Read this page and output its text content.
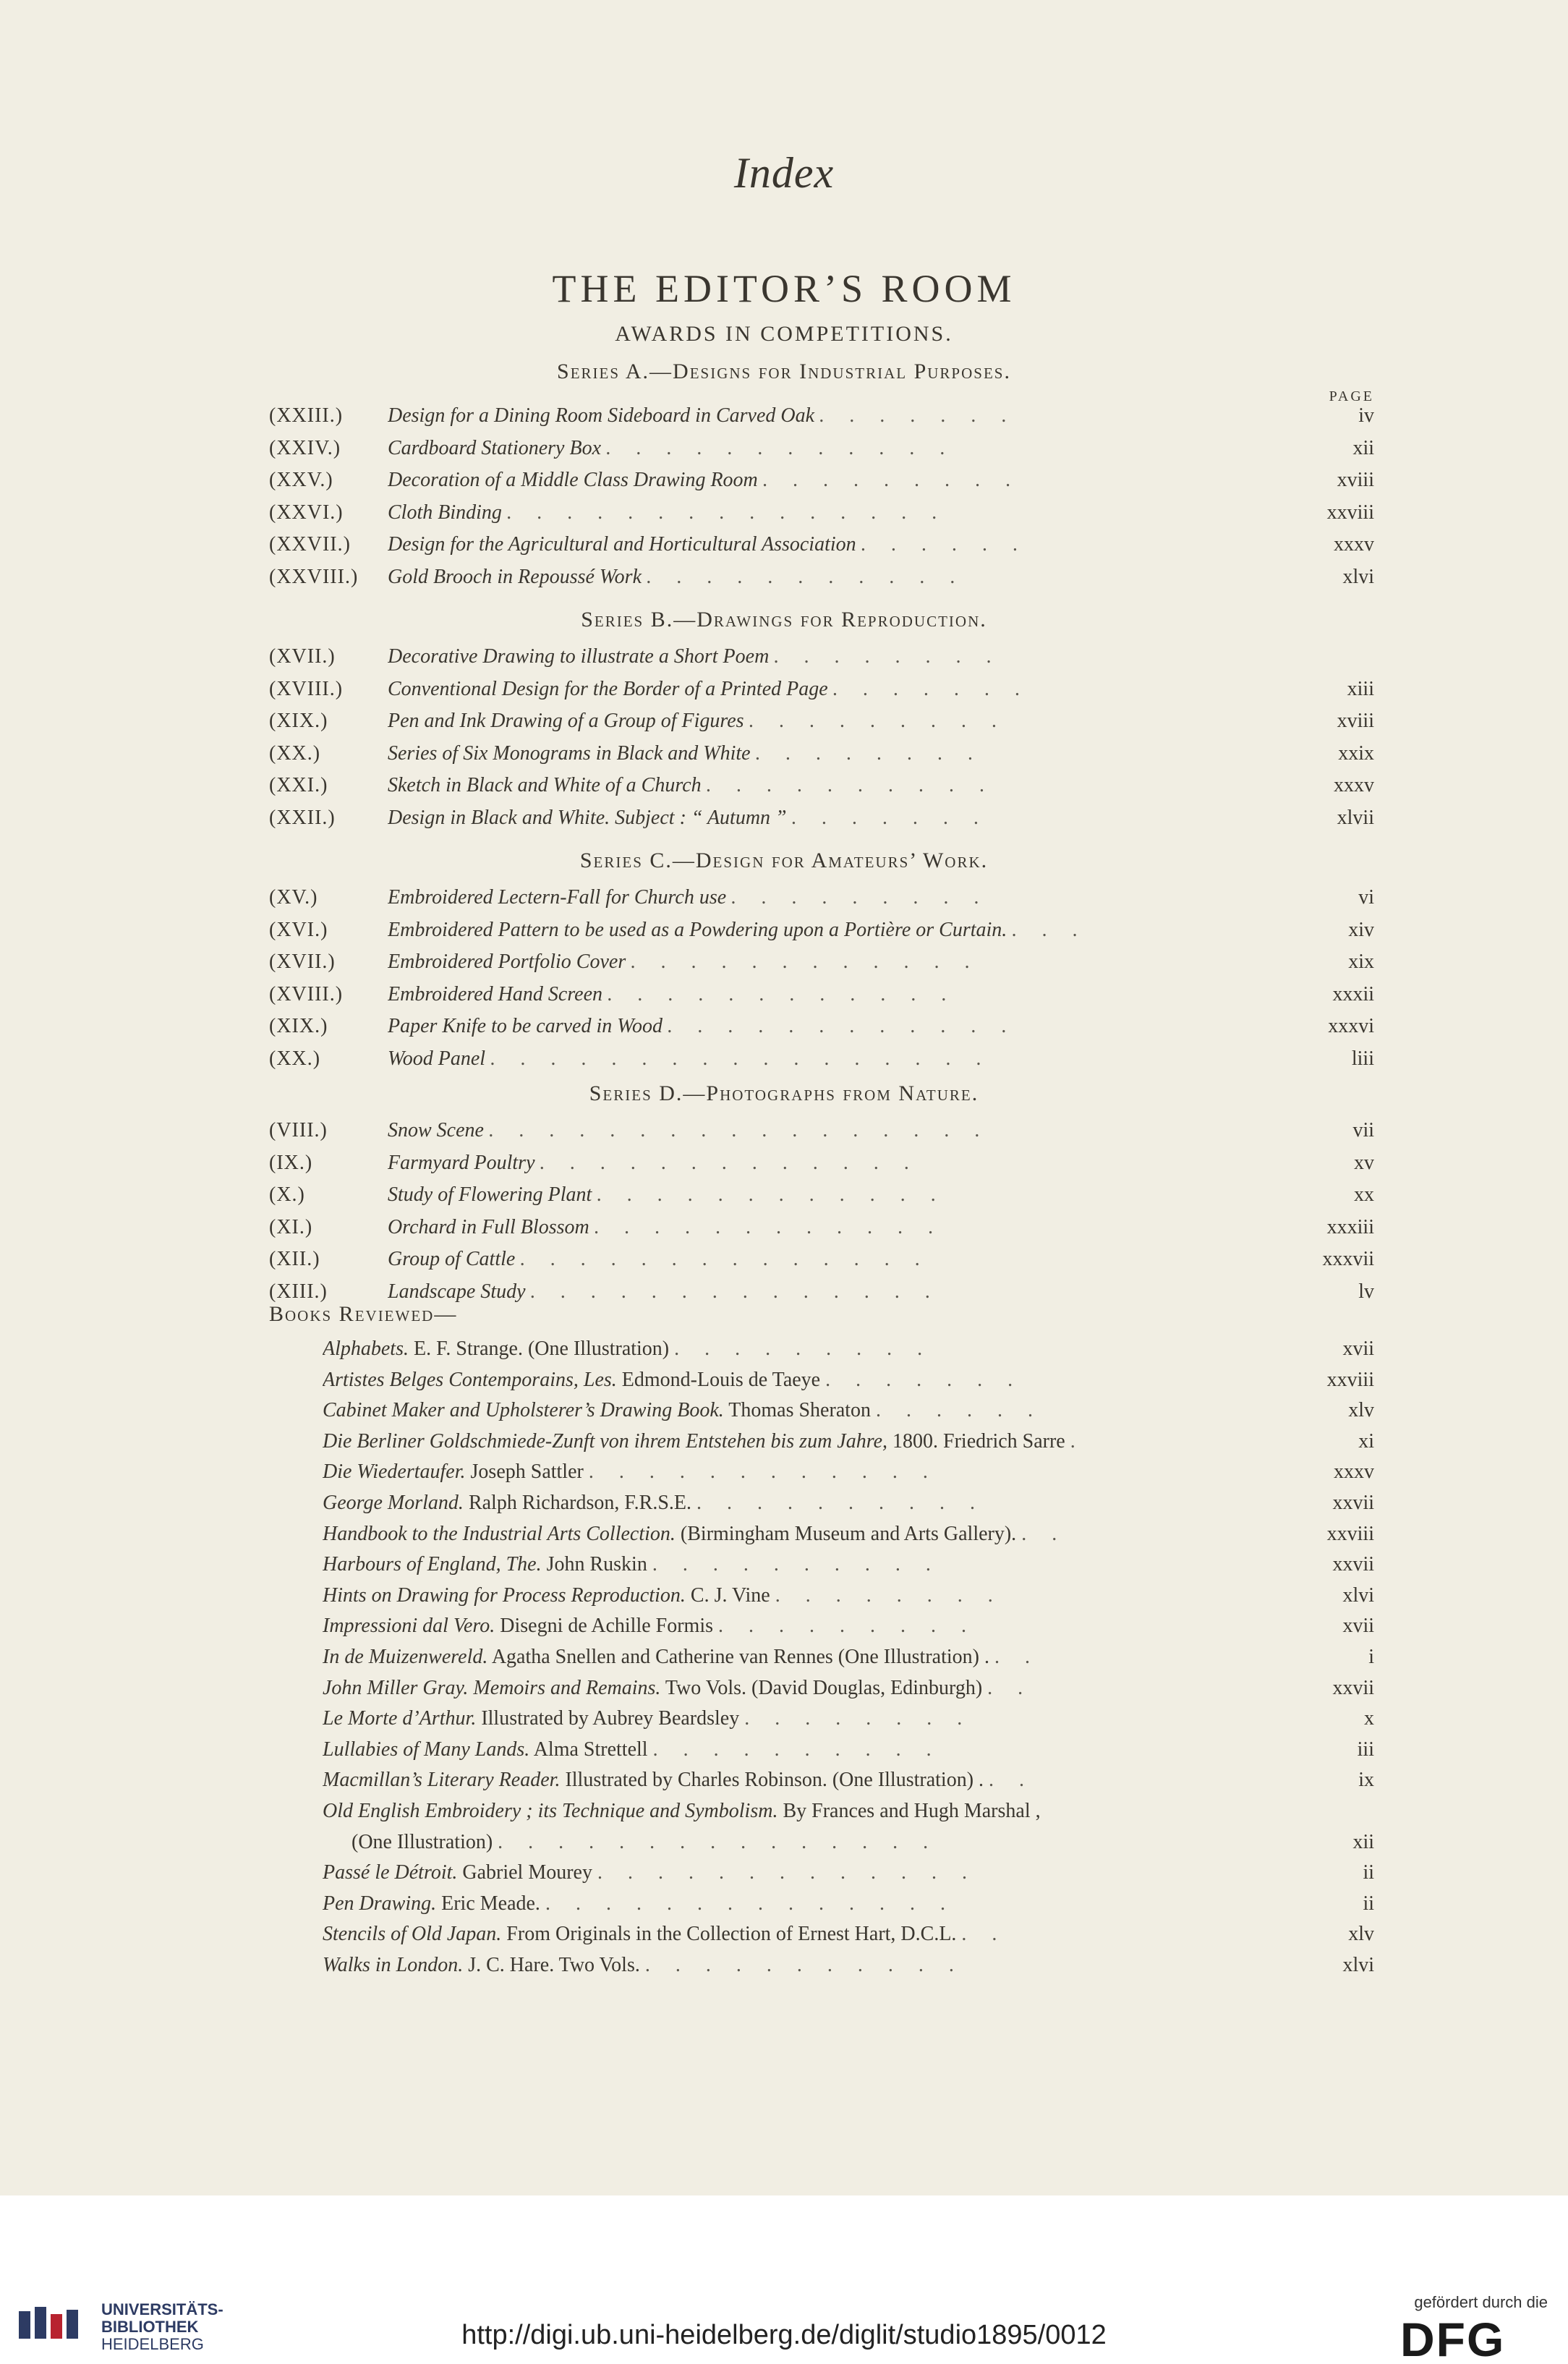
Index
THE EDITOR’S ROOM
AWARDS IN COMPETITIONS.
PAGE
Series A.—Designs for Industrial Purposes.
(XXIII.) Design for a Dining Room Sideboard in Carved Oak . . . . . . .	iv
(XXIV.) Cardboard Stationery Box . . . . . . . . . . . .	xii
(XXV.)	Decoration of a Middle Class Drawing Room . . . . . . . . .	xviii
(XXVI.) Cloth Binding . . . . . . . . . . . . . . .	xxviii
(XXVII.) Design for the Agricultural and Horticultural Association . . . . . .	xxxv
(XXVIII.) Gold Brooch in Repoussé Work . . . . . . . . . . .	xlvi
Series B.—Drawings for Reproduction.
(XVII.)	Decorative Drawing to illustrate a Short Poem . . . . . . . .
(XVIII.) Conventional Design for the Border of a Printed Page . . . . . . .	xiii
(XIX.)	Pen and Ink Drawing of a Group of Figures . . . . . . . . .	xviii
(XX.)	Series of Six Monograms in Black and White . . . . . . . .	xxix
(XXI.)	Sketch in Black and White of a Church . . . . . . . . . .	xxxv
(XXII.)	Design in Black and White. Subject : “ Autumn ” . . . . . . .	xlvii
Series C.—Design for Amateurs’ Work.
(XV.)	Embroidered Lectern-Fall for Church use . . . . . . . . .	vi
(XVI.)	Embroidered Pattern to be used as a Powdering upon a Portière or Curtain. . . .	xiv
(XVII.)	Embroidered Portfolio Cover . . . . . . . . . . . .	xix
(XVIII.) Embroidered Hand Screen . . . . . . . . . . . .	xxxii
(XIX.)	Paper Knife to be carved in Wood . . . . . . . . . . . .	xxxvi
(XX.)	Wood Panel . . . . . . . . . . . . . . . . .	liii
Series D.—Photographs from Nature.
(VIII.)	Snow Scene . . . . . . . . . . . . . . . . .	vii
(IX.)	Farmyard Poultry . . . . . . . . . . . . .	xv
(X.)	Study of Flowering Plant . . . . . . . . . . . .	xx
(XI.)	Orchard in Full Blossom . . . . . . . . . . . .	xxxiii
(XII.)	Group of Cattle . . . . . . . . . . . . . .	xxxvii
(XIII.)	Landscape Study . . . . . . . . . . . . . .	lv
Books Reviewed—
Alphabets. E. F. Strange. (One Illustration) . . . . . . . . .	xvii
Artistes Belges Contemporains, Les. Edmond-Louis de Taeye . . . . . . .	xxviii
Cabinet Maker and Upholsterer’s Drawing Book. Thomas Sheraton . . . . . .	xlv
Die Berliner Goldschmiede-Zunft von ihrem Entstehen bis zum Jahre, 1800. Friedrich Sarre .	xi
Die Wiedertaufer. Joseph Sattler . . . . . . . . . . . .	xxxv
George Morland. Ralph Richardson, F.R.S.E. . . . . . . . . . .	xxvii
Handbook to the Industrial Arts Collection. (Birmingham Museum and Arts Gallery). . .	xxviii
Harbours of England, The. John Ruskin . . . . . . . . . .	xxvii
Hints on Drawing for Process Reproduction. C. J. Vine . . . . . . . .	xlvi
Impressioni dal Vero. Disegni de Achille Formis . . . . . . . . .	xvii
In de Muizenwereld. Agatha Snellen and Catherine van Rennes (One Illustration) . . .	i
John Miller Gray. Memoirs and Remains. Two Vols. (David Douglas, Edinburgh) . .	xxvii
Le Morte d’Arthur. Illustrated by Aubrey Beardsley . . . . . . . .	x
Lullabies of Many Lands. Alma Strettell . . . . . . . . . .	iii
Macmillan’s Literary Reader. Illustrated by Charles Robinson. (One Illustration) . . .	ix
Old English Embroidery ; its Technique and Symbolism. By Frances and Hugh Marshal ,
(One Illustration) . . . . . . . . . . . . . . .	xii
Passé le Détroit. Gabriel Mourey . . . . . . . . . . . . .	ii
Pen Drawing. Eric Meade. . . . . . . . . . . . . . .	ii
Stencils of Old Japan. From Originals in the Collection of Ernest Hart, D.C.L. . .	xlv
Walks in London. J. C. Hare. Two Vols. . . . . . . . . . . .	xlvi
UNIVERSITÄTS-
BIBLIOTHEK
HEIDELBERG	http://digi.ub.uni-heidelberg.de/diglit/studio1895/0012
gefördert durch die
DFG
